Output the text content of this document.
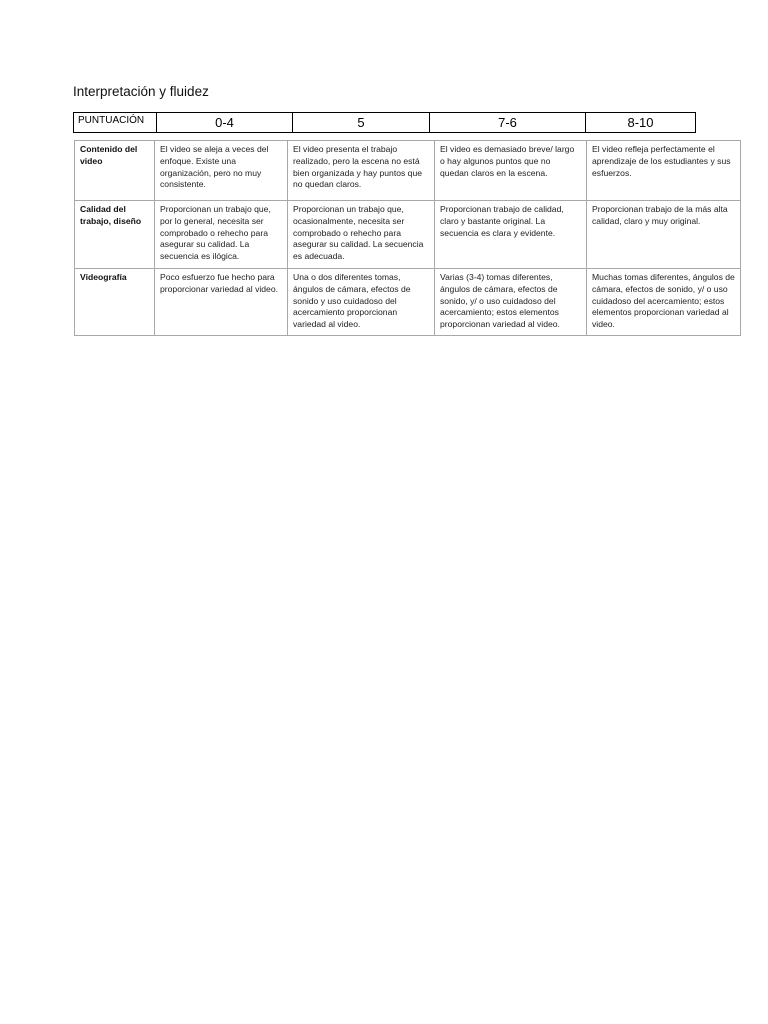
Interpretación y fluidez
PUNTUACIÓN	0-4	5	7-6	8-10
Contenido del video	El video se aleja a veces del enfoque. Existe una organización, pero no muy consistente.	El video presenta el trabajo realizado, pero la escena no está bien organizada y hay puntos que no quedan claros.	El video es demasiado breve/ largo o hay algunos puntos que no quedan claros en la escena.	El video refleja perfectamente el aprendizaje de los estudiantes y sus esfuerzos.
Calidad del trabajo, diseño	Proporcionan un trabajo que, por lo general, necesita ser comprobado o rehecho para asegurar su calidad. La secuencia es ilógica.	Proporcionan un trabajo que, ocasionalmente, necesita ser comprobado o rehecho para asegurar su calidad. La secuencia es adecuada.	Proporcionan trabajo de calidad, claro y bastante original. La secuencia es clara y evidente.	Proporcionan trabajo de la más alta calidad, claro y muy original.
Videografía	Poco esfuerzo fue hecho para proporcionar variedad al video.	Una o dos diferentes tomas, ángulos de cámara, efectos de sonido y uso cuidadoso del acercamiento proporcionan variedad al video.	Varias (3-4) tomas diferentes, ángulos de cámara, efectos de sonido, y/ o uso cuidadoso del acercamiento; estos elementos proporcionan variedad al video.	Muchas tomas diferentes, ángulos de cámara, efectos de sonido, y/ o uso cuidadoso del acercamiento; estos elementos proporcionan variedad al video.
